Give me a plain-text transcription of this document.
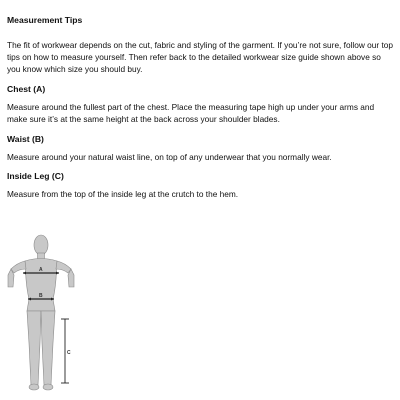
Measurement Tips

The fit of workwear depends on the cut, fabric and styling of the garment. If you’re not sure, follow our top tips on how to measure yourself. Then refer back to the detailed workwear size guide shown above so you know which size you should buy.

Chest (A)

Measure around the fullest part of the chest. Place the measuring tape high up under your arms and make sure it’s at the same height at the back across your shoulder blades.

Waist (B)

Measure around your natural waist line, on top of any underwear that you normally wear.

Inside Leg (C)

Measure from the top of the inside leg at the crutch to the hem.

A
B
C
